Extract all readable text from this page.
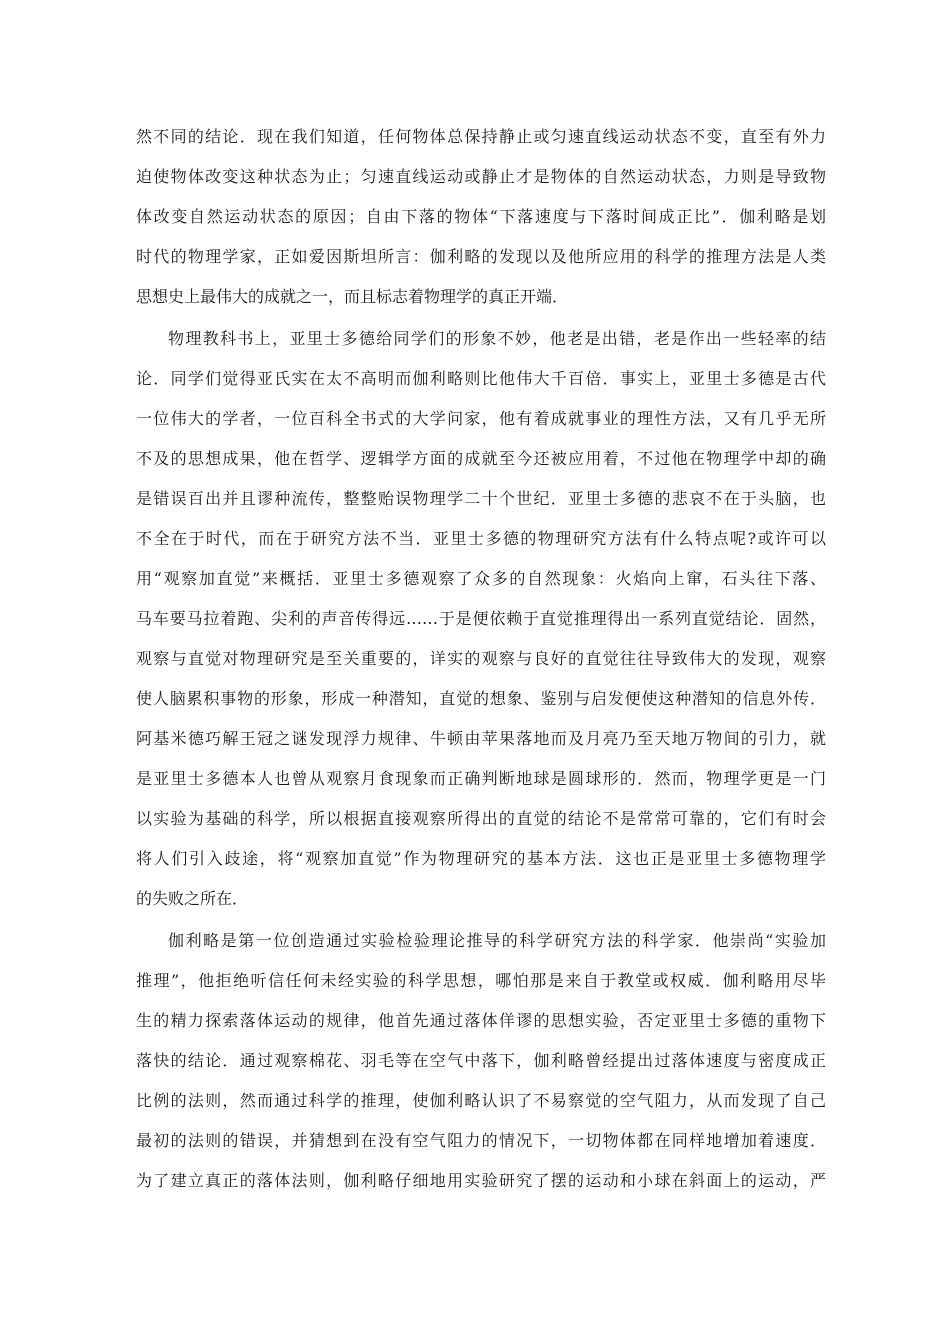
然不同的结论．现在我们知道，任何物体总保持静止或匀速直线运动状态不变，直至有外力
迫使物体改变这种状态为止；匀速直线运动或静止才是物体的自然运动状态，力则是导致物
体改变自然运动状态的原因；自由下落的物体“下落速度与下落时间成正比”．伽利略是划
时代的物理学家，正如爱因斯坦所言：伽利略的发现以及他所应用的科学的推理方法是人类
思想史上最伟大的成就之一，而且标志着物理学的真正开端．
物理教科书上，亚里士多德给同学们的形象不妙，他老是出错，老是作出一些轻率的结
论．同学们觉得亚氏实在太不高明而伽利略则比他伟大千百倍．事实上，亚里士多德是古代
一位伟大的学者，一位百科全书式的大学问家，他有着成就事业的理性方法，又有几乎无所
不及的思想成果，他在哲学、逻辑学方面的成就至今还被应用着，不过他在物理学中却的确
是错误百出并且谬种流传，整整贻误物理学二十个世纪．亚里士多德的悲哀不在于头脑，也
不全在于时代，而在于研究方法不当．亚里士多德的物理研究方法有什么特点呢?或许可以
用“观察加直觉”来概括．亚里士多德观察了众多的自然现象：火焰向上窜，石头往下落、
马车要马拉着跑、尖利的声音传得远……于是便依赖于直觉推理得出一系列直觉结论．固然，
观察与直觉对物理研究是至关重要的，详实的观察与良好的直觉往往导致伟大的发现，观察
使人脑累积事物的形象，形成一种潜知，直觉的想象、鉴别与启发便使这种潜知的信息外传．
阿基米德巧解王冠之谜发现浮力规律、牛顿由苹果落地而及月亮乃至天地万物间的引力，就
是亚里士多德本人也曾从观察月食现象而正确判断地球是圆球形的．然而，物理学更是一门
以实验为基础的科学，所以根据直接观察所得出的直觉的结论不是常常可靠的，它们有时会
将人们引入歧途，将“观察加直觉”作为物理研究的基本方法．这也正是亚里士多德物理学
的失败之所在．
伽利略是第一位创造通过实验检验理论推导的科学研究方法的科学家．他崇尚“实验加
推理”，他拒绝听信任何未经实验的科学思想，哪怕那是来自于教堂或权威．伽利略用尽毕
生的精力探索落体运动的规律，他首先通过落体佯谬的思想实验，否定亚里士多德的重物下
落快的结论．通过观察棉花、羽毛等在空气中落下，伽利略曾经提出过落体速度与密度成正
比例的法则，然而通过科学的推理，使伽利略认识了不易察觉的空气阻力，从而发现了自己
最初的法则的错误，并猜想到在没有空气阻力的情况下，一切物体都在同样地增加着速度．
为了建立真正的落体法则，伽利略仔细地用实验研究了摆的运动和小球在斜面上的运动，严
